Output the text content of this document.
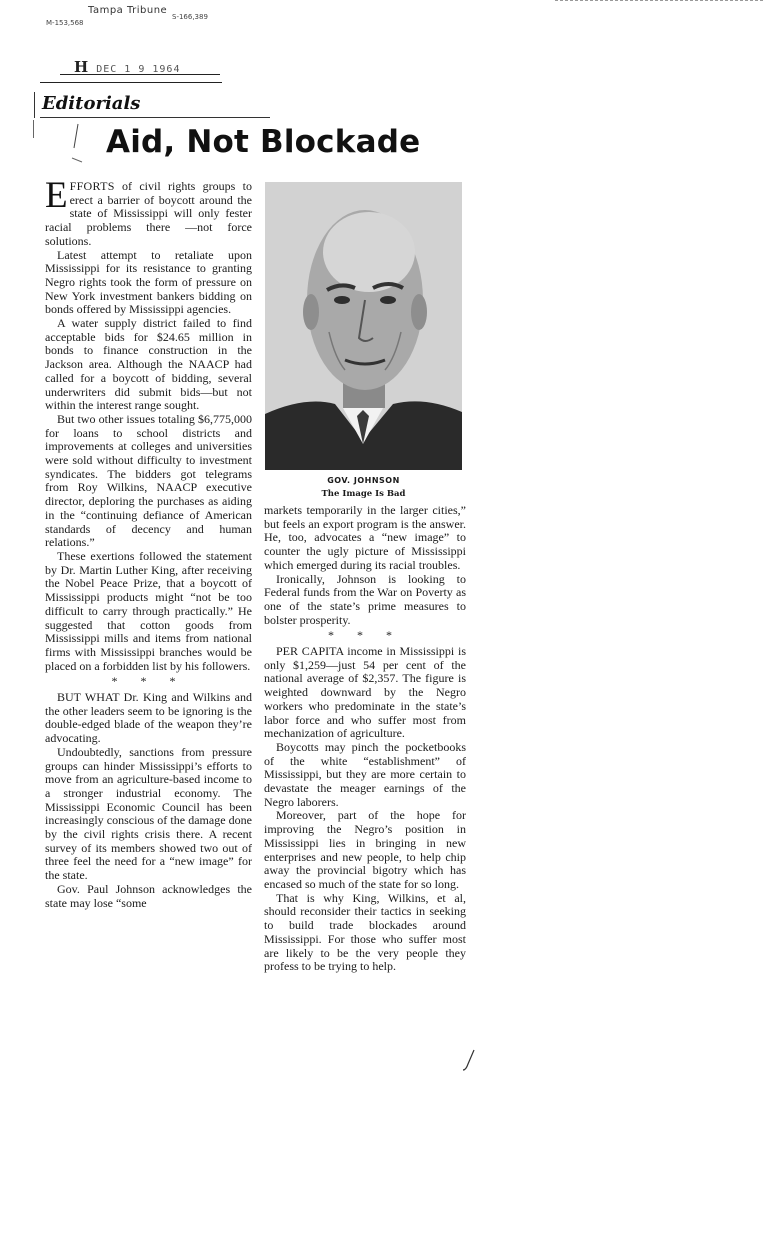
Tampa Tribune
M-153,568
S-166,389
H DEC 1 9 1964
Editorials
Aid, Not Blockade

EFFORTS of civil rights groups to erect a barrier of boycott around the state of Mississippi will only fester racial problems there —not force solutions.

Latest attempt to retaliate upon Mississippi for its resistance to granting Negro rights took the form of pressure on New York investment bankers bidding on bonds offered by Mississippi agencies.

A water supply district failed to find acceptable bids for $24.65 million in bonds to finance construction in the Jackson area. Although the NAACP had called for a boycott of bidding, several underwriters did submit bids—but not within the interest range sought.

But two other issues totaling $6,775,000 for loans to school districts and improvements at colleges and universities were sold without difficulty to investment syndicates. The bidders got telegrams from Roy Wilkins, NAACP executive director, deploring the purchases as aiding in the “continuing defiance of American standards of decency and human relations.”

These exertions followed the statement by Dr. Martin Luther King, after receiving the Nobel Peace Prize, that a boycott of Mississippi products might “not be too difficult to carry through practically.” He suggested that cotton goods from Mississippi mills and items from national firms with Mississippi branches would be placed on a forbidden list by his followers.

* * *

BUT WHAT Dr. King and Wilkins and the other leaders seem to be ignoring is the double-edged blade of the weapon they’re advocating.

Undoubtedly, sanctions from pressure groups can hinder Mississippi’s efforts to move from an agriculture-based income to a stronger industrial economy. The Mississippi Economic Council has been increasingly conscious of the damage done by the civil rights crisis there. A recent survey of its members showed two out of three feel the need for a “new image” for the state.

Gov. Paul Johnson acknowledges the state may lose “some

GOV. JOHNSON
The Image Is Bad

markets temporarily in the larger cities,” but feels an export program is the answer. He, too, advocates a “new image” to counter the ugly picture of Mississippi which emerged during its racial troubles.

Ironically, Johnson is looking to Federal funds from the War on Poverty as one of the state’s prime measures to bolster prosperity.

* * *

PER CAPITA income in Mississippi is only $1,259—just 54 per cent of the national average of $2,357. The figure is weighted downward by the Negro workers who predominate in the state’s labor force and who suffer most from mechanization of agriculture.

Boycotts may pinch the pocketbooks of the white “establishment” of Mississippi, but they are more certain to devastate the meager earnings of the Negro laborers.

Moreover, part of the hope for improving the Negro’s position in Mississippi lies in bringing in new enterprises and new people, to help chip away the provincial bigotry which has encased so much of the state for so long.

That is why King, Wilkins, et al, should reconsider their tactics in seeking to build trade blockades around Mississippi. For those who suffer most are likely to be the very people they profess to be trying to help.
